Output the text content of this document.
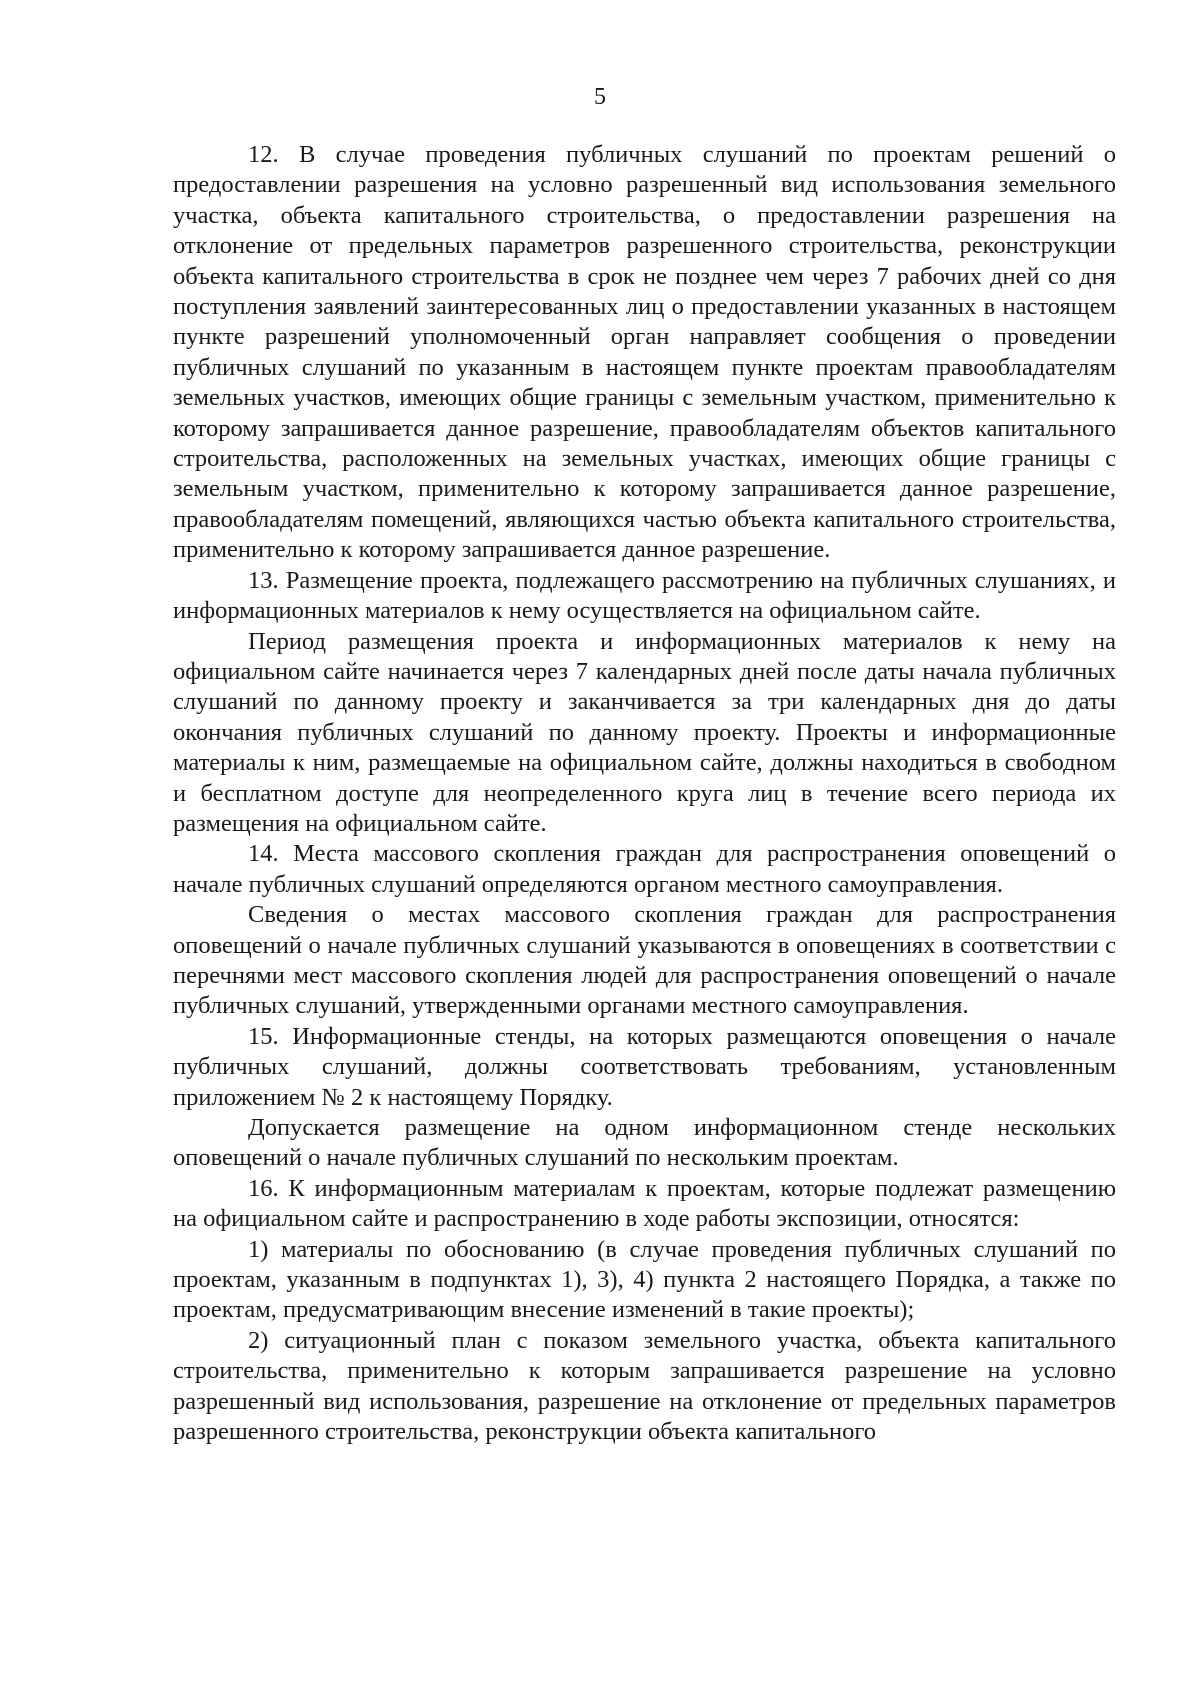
5

12. В случае проведения публичных слушаний по проектам решений о предоставлении разрешения на условно разрешенный вид использования земельного участка, объекта капитального строительства, о предоставлении разрешения на отклонение от предельных параметров разрешенного строительства, реконструкции объекта капитального строительства в срок не позднее чем через 7 рабочих дней со дня поступления заявлений заинтересованных лиц о предоставлении указанных в настоящем пункте разрешений уполномоченный орган направляет сообщения о проведении публичных слушаний по указанным в настоящем пункте проектам правообладателям земельных участков, имеющих общие границы с земельным участком, применительно к которому запрашивается данное разрешение, правообладателям объектов капитального строительства, расположенных на земельных участках, имеющих общие границы с земельным участком, применительно к которому запрашивается данное разрешение, правообладателям помещений, являющихся частью объекта капитального строительства, применительно к которому запрашивается данное разрешение.

13. Размещение проекта, подлежащего рассмотрению на публичных слушаниях, и информационных материалов к нему осуществляется на официальном сайте.

Период размещения проекта и информационных материалов к нему на официальном сайте начинается через 7 календарных дней после даты начала публичных слушаний по данному проекту и заканчивается за три календарных дня до даты окончания публичных слушаний по данному проекту. Проекты и информационные материалы к ним, размещаемые на официальном сайте, должны находиться в свободном и бесплатном доступе для неопределенного круга лиц в течение всего периода их размещения на официальном сайте.

14. Места массового скопления граждан для распространения оповещений о начале публичных слушаний определяются органом местного самоуправления.

Сведения о местах массового скопления граждан для распространения оповещений о начале публичных слушаний указываются в оповещениях в соответствии с перечнями мест массового скопления людей для распространения оповещений о начале публичных слушаний, утвержденными органами местного самоуправления.

15. Информационные стенды, на которых размещаются оповещения о начале публичных слушаний, должны соответствовать требованиям, установленным приложением № 2 к настоящему Порядку.

Допускается размещение на одном информационном стенде нескольких оповещений о начале публичных слушаний по нескольким проектам.

16. К информационным материалам к проектам, которые подлежат размещению на официальном сайте и распространению в ходе работы экспозиции, относятся:

1) материалы по обоснованию (в случае проведения публичных слушаний по проектам, указанным в подпунктах 1), 3), 4) пункта 2 настоящего Порядка, а также по проектам, предусматривающим внесение изменений в такие проекты);

2) ситуационный план с показом земельного участка, объекта капитального строительства, применительно к которым запрашивается разрешение на условно разрешенный вид использования, разрешение на отклонение от предельных параметров разрешенного строительства, реконструкции объекта капитального
